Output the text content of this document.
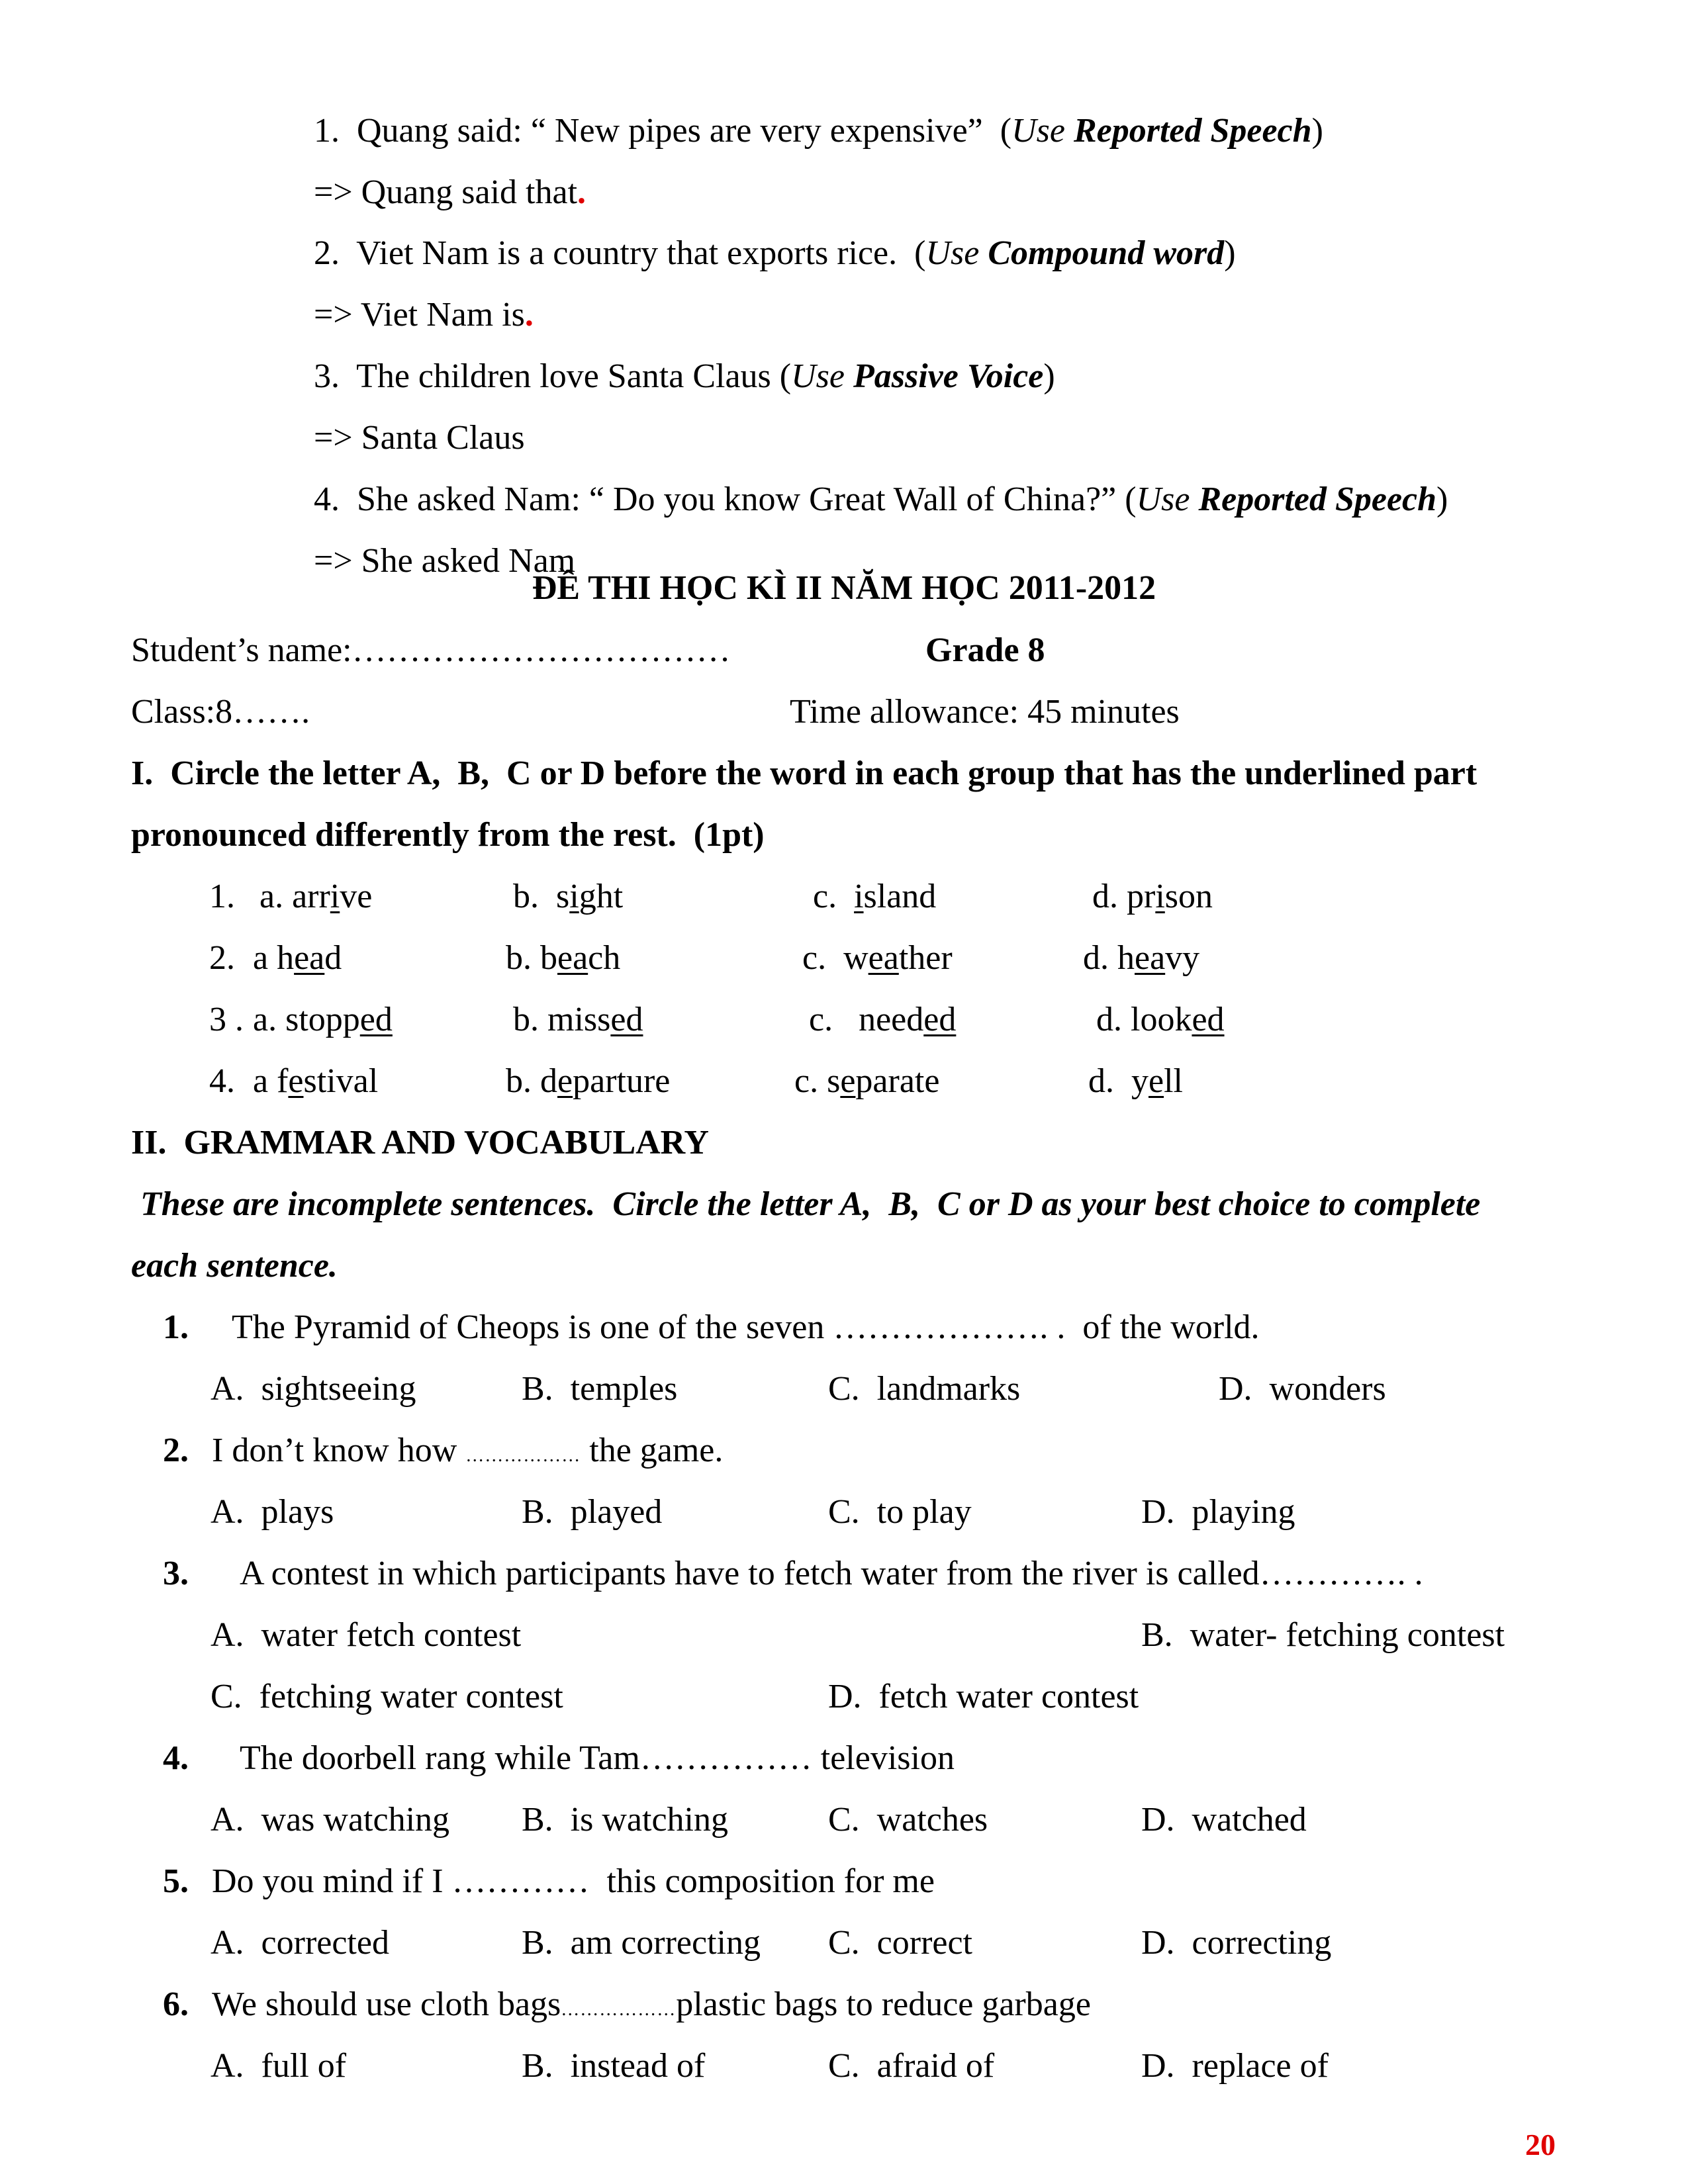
1. Quang said: “ New pipes are very expensive”  (Use Reported Speech)

=> Quang said that.

2. Viet Nam is a country that exports rice.  (Use Compound word)

=> Viet Nam is.

3. The children love Santa Claus (Use Passive Voice)

=> Santa Claus

4. She asked Nam: “ Do you know Great Wall of China?” (Use Reported Speech)

=> She asked Nam

ĐỀ THI HỌC KÌ II NĂM HỌC 2011-2012
Student’s name:……………………………	Grade 8
Class:8…….	Time allowance: 45 minutes
I.  Circle the letter A,  B,  C or D before the word in each group that has the underlined part
pronounced differently from the rest.  (1pt)
1. a. arrive	b.  sight	c.  island	d. prison
2. a head	b. beach	c.  weather	d. heavy
3 . a. stopped	b. missed	c.   needed	d. looked
4. a festival	b. departure	c. separate	d.  yell
II.  GRAMMAR AND VOCABULARY
These are incomplete sentences.  Circle the letter A,  B,  C or D as your best choice to complete
each sentence.
1. The Pyramid of Cheops is one of the seven ………………. .  of the world.
A.  sightseeing	B.  temples	C.  landmarks	D.  wonders
2. I don’t know how ……………… the game.
A.  plays	B.  played	C.  to play	D.  playing
3. A contest in which participants have to fetch water from the river is called…………. .
A.  water fetch contest	B.  water- fetching contest
C.  fetching water contest	D.  fetch water contest
4. The doorbell rang while Tam…………… television
A.  was watching B.  is watching	C.  watches	D.  watched
5. Do you mind if I …………  this composition for me
A.  corrected	B.  am correcting C.  correct	D.  correcting
6. We should use cloth bags………………plastic bags to reduce garbage
A.  full of	B.  instead of	C.  afraid of	D.  replace of
20
